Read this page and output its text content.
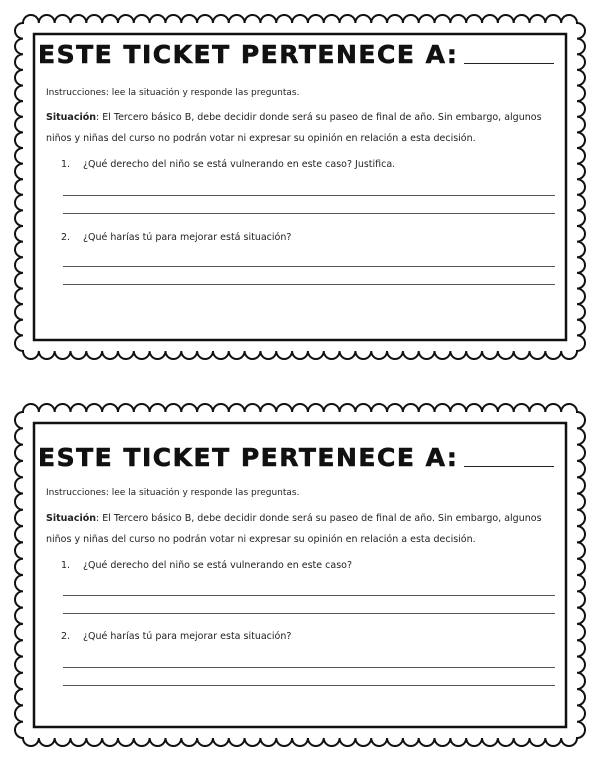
ESTE TICKET PERTENECE A:
Instrucciones: lee la situación y responde las preguntas.
Situación: El Tercero básico B, debe decidir donde será su paseo de final de año. Sin embargo, algunos niños y niñas del curso no podrán votar ni expresar su opinión en relación a esta decisión.
1. ¿Qué derecho del niño se está vulnerando en este caso? Justifica.
2. ¿Qué harías tú para mejorar está situación?
ESTE TICKET PERTENECE A:
Instrucciones: lee la situación y responde las preguntas.
Situación: El Tercero básico B, debe decidir donde será su paseo de final de año. Sin embargo, algunos niños y niñas del curso no podrán votar ni expresar su opinión en relación a esta decisión.
1. ¿Qué derecho del niño se está vulnerando en este caso?
2. ¿Qué harías tú para mejorar esta situación?
